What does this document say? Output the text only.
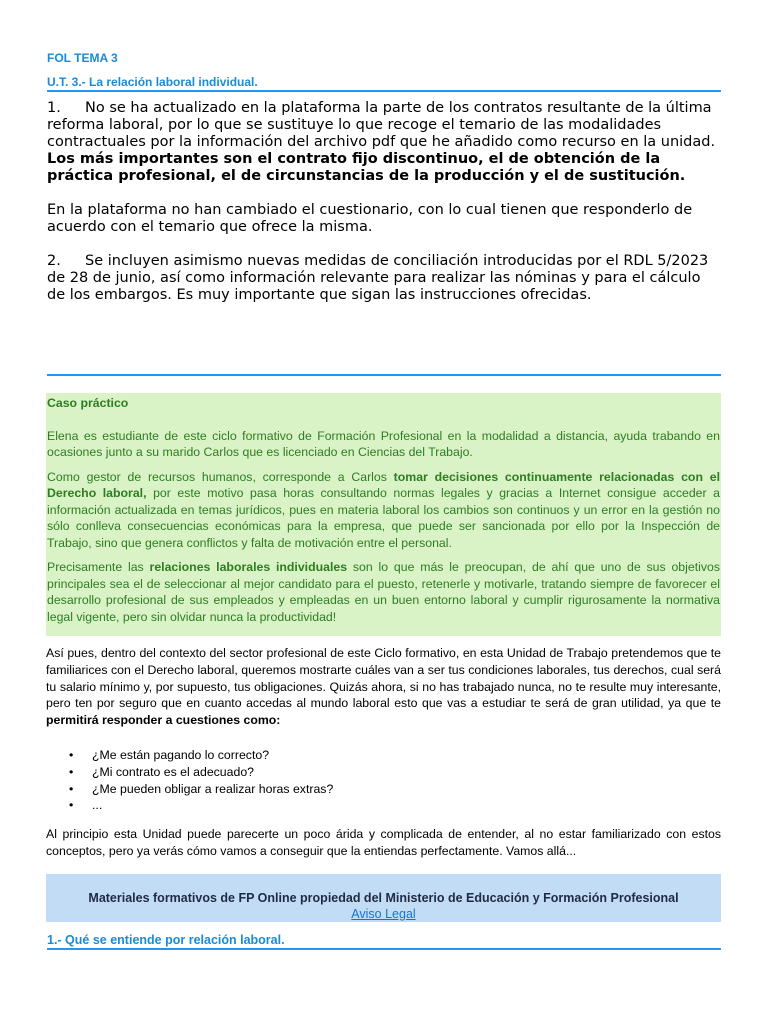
FOL TEMA 3
U.T. 3.- La relación laboral individual.

1. No se ha actualizado en la plataforma la parte de los contratos resultante de la última reforma laboral, por lo que se sustituye lo que recoge el temario de las modalidades contractuales por la información del archivo pdf que he añadido como recurso en la unidad. Los más importantes son el contrato fijo discontinuo, el de obtención de la práctica profesional, el de circunstancias de la producción y el de sustitución.

En la plataforma no han cambiado el cuestionario, con lo cual tienen que responderlo de acuerdo con el temario que ofrece la misma.

2. Se incluyen asimismo nuevas medidas de conciliación introducidas por el RDL 5/2023 de 28 de junio, así como información relevante para realizar las nóminas y para el cálculo de los embargos. Es muy importante que sigan las instrucciones ofrecidas.

Caso práctico

Elena es estudiante de este ciclo formativo de Formación Profesional en la modalidad a distancia, ayuda trabando en ocasiones junto a su marido Carlos que es licenciado en Ciencias del Trabajo.

Como gestor de recursos humanos, corresponde a Carlos tomar decisiones continuamente relacionadas con el Derecho laboral, por este motivo pasa horas consultando normas legales y gracias a Internet consigue acceder a información actualizada en temas jurídicos, pues en materia laboral los cambios son continuos y un error en la gestión no sólo conlleva consecuencias económicas para la empresa, que puede ser sancionada por ello por la Inspección de Trabajo, sino que genera conflictos y falta de motivación entre el personal.

Precisamente las relaciones laborales individuales son lo que más le preocupan, de ahí que uno de sus objetivos principales sea el de seleccionar al mejor candidato para el puesto, retenerle y motivarle, tratando siempre de favorecer el desarrollo profesional de sus empleados y empleadas en un buen entorno laboral y cumplir rigurosamente la normativa legal vigente, pero sin olvidar nunca la productividad!

Así pues, dentro del contexto del sector profesional de este Ciclo formativo, en esta Unidad de Trabajo pretendemos que te familiarices con el Derecho laboral, queremos mostrarte cuáles van a ser tus condiciones laborales, tus derechos, cual será tu salario mínimo y, por supuesto, tus obligaciones. Quizás ahora, si no has trabajado nunca, no te resulte muy interesante, pero ten por seguro que en cuanto accedas al mundo laboral esto que vas a estudiar te será de gran utilidad, ya que te permitirá responder a cuestiones como:

• ¿Me están pagando lo correcto?
• ¿Mi contrato es el adecuado?
• ¿Me pueden obligar a realizar horas extras?
• ...

Al principio esta Unidad puede parecerte un poco árida y complicada de entender, al no estar familiarizado con estos conceptos, pero ya verás cómo vamos a conseguir que la entiendas perfectamente. Vamos allá...

Materiales formativos de FP Online propiedad del Ministerio de Educación y Formación Profesional
Aviso Legal
1.- Qué se entiende por relación laboral.
